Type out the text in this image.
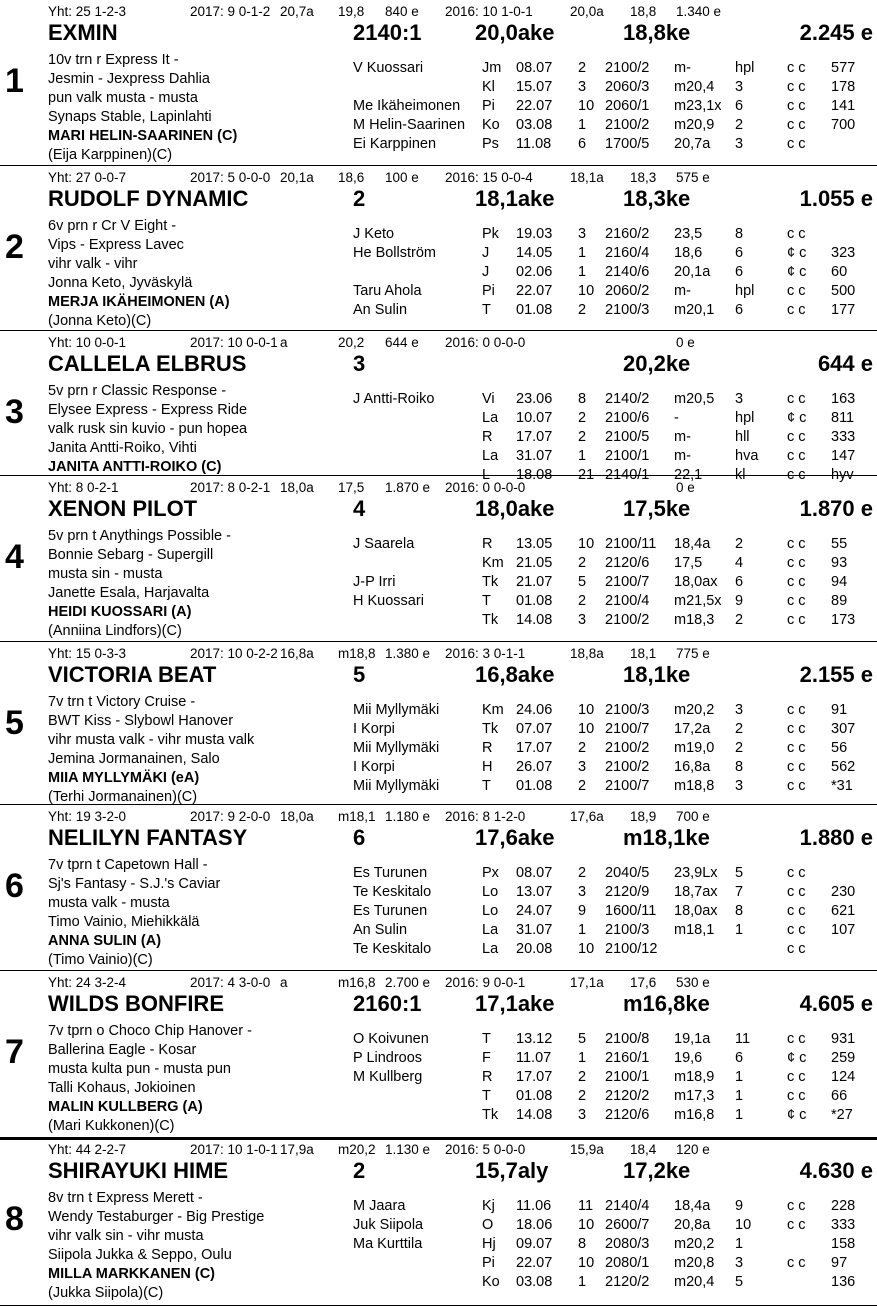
Yht: 25 1-2-3	2017: 9 0-1-2 20,7a 19,8 840 e 2016: 10 1-0-1	20,0a 18,8 1.340 e
EXMIN	2140:1 20,0ake	18,8ke	2.245 e
1
10v trn r Express It -
Jesmin - Jexpress Dahlia
pun valk musta - musta
Synaps Stable, Lapinlahti
MARI HELIN-SAARINEN (C)
(Eija Karppinen)(C)
V Kuossari	Jm 08.07 2 2100/2 m-	hpl c c 577
Kl 15.07 3 2060/3 m20,4 3	c c 178
Me Ikäheimonen Pi 22.07 10 2060/1 m23,1x 6	c c 141
M Helin-Saarinen Ko 03.08 1 2100/2 m20,9 2	c c 700
Ei Karppinen	Ps 11.08 6 1700/5 20,7a 3	c c
Yht: 27 0-0-7	2017: 5 0-0-0 20,1a 18,6 100 e 2016: 15 0-0-4	18,1a 18,3 575 e
RUDOLF DYNAMIC	2	18,1ake	18,3ke	1.055 e
2
6v prn r Cr V Eight -
Vips - Express Lavec
vihr valk - vihr
Jonna Keto, Jyväskylä
MERJA IKÄHEIMONEN (A)
(Jonna Keto)(C)
J Keto	Pk 19.03 3 2160/2 23,5 8	c c
He Bollström	J 14.05 1 2160/4 18,6 6	¢ c 323
J 02.06 1 2140/6 20,1a 6	¢ c 60
Taru Ahola	Pi 22.07 10 2060/2 m-	hpl c c 500
An Sulin	T 01.08 2 2100/3 m20,1 6	c c 177
Yht: 10 0-0-1	2017: 10 0-0-1 a	20,2 644 e 2016: 0 0-0-0	0 e
CALLELA ELBRUS	3	20,2ke	644 e
3
5v prn r Classic Response -
Elysee Express - Express Ride
valk rusk sin kuvio - pun hopea
Janita Antti-Roiko, Vihti
JANITA ANTTI-ROIKO (C)
J Antti-Roiko	Vi 23.06 8 2140/2 m20,5 3	c c 163
La 10.07 2 2100/6 -	hpl ¢ c 811
R 17.07 2 2100/5 m-	hll	c c 333
La 31.07 1 2100/1 m-	hva c c 147
L 18.08 21 2140/1 22,1 kl	c c hyv
Yht: 8 0-2-1	2017: 8 0-2-1 18,0a 17,5 1.870 e 2016: 0 0-0-0	0 e
XENON PILOT	4	18,0ake	17,5ke	1.870 e
4
5v prn t Anythings Possible -
Bonnie Sebarg - Supergill
musta sin - musta
Janette Esala, Harjavalta
HEIDI KUOSSARI (A)
(Anniina Lindfors)(C)
J Saarela	R 13.05 10 2100/11 18,4a 2	c c 55
Km 21.05 2 2120/6 17,5 4	c c 93
J-P Irri	Tk 21.07 5 2100/7 18,0ax 6	c c 94
H Kuossari	T 01.08 2 2100/4 m21,5x 9	c c 89
Tk 14.08 3 2100/2 m18,3 2	c c 173
Yht: 15 0-3-3	2017: 10 0-2-2 16,8a m18,8 1.380 e 2016: 3 0-1-1	18,8a 18,1 775 e
VICTORIA BEAT	5	16,8ake	18,1ke	2.155 e
5
7v trn t Victory Cruise -
BWT Kiss - Slybowl Hanover
vihr musta valk - vihr musta valk
Jemina Jormanainen, Salo
MIIA MYLLYMÄKI (eA)
(Terhi Jormanainen)(C)
Mii Myllymäki	Km 24.06 10 2100/3 m20,2 3	c c 91
I Korpi	Tk 07.07 10 2100/7 17,2a 2	c c 307
Mii Myllymäki	R 17.07 2 2100/2 m19,0 2	c c 56
I Korpi	H 26.07 3 2100/2 16,8a 8	c c 562
Mii Myllymäki	T 01.08 2 2100/7 m18,8 3	c c *31
Yht: 19 3-2-0	2017: 9 2-0-0 18,0a m18,1 1.180 e 2016: 8 1-2-0	17,6a 18,9 700 e
NELILYN FANTASY	6	17,6ake	m18,1ke	1.880 e
6
7v tprn t Capetown Hall -
Sj's Fantasy - S.J.'s Caviar
musta valk - musta
Timo Vainio, Miehikkälä
ANNA SULIN (A)
(Timo Vainio)(C)
Es Turunen	Px 08.07 2 2040/5 23,9Lx 5	c c
Te Keskitalo	Lo 13.07 3 2120/9 18,7ax 7	c c 230
Es Turunen	Lo 24.07 9 1600/11 18,0ax 8	c c 621
An Sulin	La 31.07 1 2100/3 m18,1 1	c c 107
Te Keskitalo	La 20.08 10 2100/12	c c
Yht: 24 3-2-4	2017: 4 3-0-0 a	m16,8 2.700 e 2016: 9 0-0-1	17,1a 17,6 530 e
WILDS BONFIRE	2160:1 17,1ake	m16,8ke	4.605 e
7
7v tprn o Choco Chip Hanover -
Ballerina Eagle - Kosar
musta kulta pun - musta pun
Talli Kohaus, Jokioinen
MALIN KULLBERG (A)
(Mari Kukkonen)(C)
O Koivunen	T 13.12 5 2100/8 19,1a 11	c c 931
P Lindroos	F 11.07 1 2160/1 19,6 6	¢ c 259
M Kullberg	R 17.07 2 2100/1 m18,9 1	c c 124
T 01.08 2 2120/2 m17,3 1	c c 66
Tk 14.08 3 2120/6 m16,8 1	¢ c *27
Yht: 44 2-2-7	2017: 10 1-0-1 17,9a m20,2 1.130 e 2016: 5 0-0-0	15,9a 18,4 120 e
SHIRAYUKI HIME	2	15,7aly	17,2ke	4.630 e
8
8v trn t Express Merett -
Wendy Testaburger - Big Prestige
vihr valk sin - vihr musta
Siipola Jukka & Seppo, Oulu
MILLA MARKKANEN (C)
(Jukka Siipola)(C)
M Jaara	Kj 11.06 11 2140/4 18,4a 9	c c 228
Juk Siipola	O 18.06 10 2600/7 20,8a 10 c c 333
Ma Kurttila	Hj 09.07 8 2080/3 m20,2 1	158
Pi 22.07 10 2080/1 m20,8 3	c c 97
Ko 03.08 1 2120/2 m20,4 5	136
